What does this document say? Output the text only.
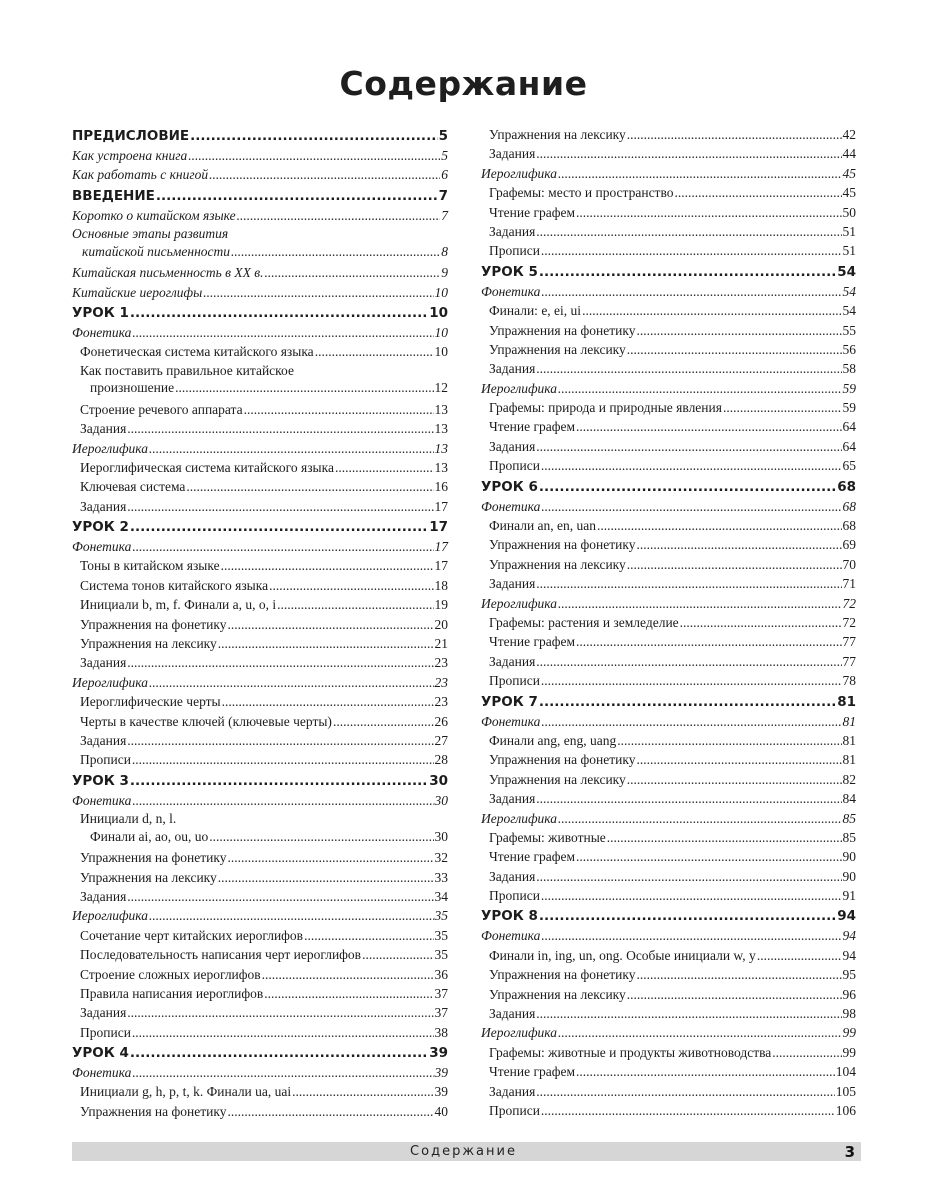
Содержание
ПРЕДИСЛОВИЕ .....	5
Как устроена книга .....	5
Как работать с книгой .....	6
ВВЕДЕНИЕ .....	7
Коротко о китайском языке .....	7
Основные этапы развития
китайской письменности .....	8
Китайская письменность в XX в. .....	9
Китайские иероглифы .....	10
УРОК 1 .....	10
Фонетика .....	10
Фонетическая система китайского языка .....	10
Как поставить правильное китайское
произношение .....	12
Строение речевого аппарата .....	13
Задания .....	13
Иероглифика .....	13
Иероглифическая система китайского языка .....	13
Ключевая система .....	16
Задания .....	17
УРОК 2 .....	17
Фонетика .....	17
Тоны в китайском языке .....	17
Система тонов китайского языка .....	18
Инициали b, m, f. Финали a, u, o, i .....	19
Упражнения на фонетику .....	20
Упражнения на лексику .....	21
Задания .....	23
Иероглифика .....	23
Иероглифические черты .....	23
Черты в качестве ключей (ключевые черты) .....	26
Задания .....	27
Прописи .....	28
УРОК 3 .....	30
Фонетика .....	30
Инициали d, n, l.
Финали ai, ao, ou, uo .....	30
Упражнения на фонетику .....	32
Упражнения на лексику .....	33
Задания .....	34
Иероглифика .....	35
Сочетание черт китайских иероглифов .....	35
Последовательность написания черт иероглифов .....	35
Строение сложных иероглифов .....	36
Правила написания иероглифов .....	37
Задания .....	37
Прописи .....	38
УРОК 4 .....	39
Фонетика .....	39
Инициали g, h, p, t, k. Финали ua, uai .....	39
Упражнения на фонетику .....	40
Упражнения на лексику .....	42
Задания .....	44
Иероглифика .....	45
Графемы: место и пространство .....	45
Чтение графем .....	50
Задания .....	51
Прописи .....	51
УРОК 5 .....	54
Фонетика .....	54
Финали: e, ei, ui .....	54
Упражнения на фонетику .....	55
Упражнения на лексику .....	56
Задания .....	58
Иероглифика .....	59
Графемы: природа и природные явления .....	59
Чтение графем .....	64
Задания .....	64
Прописи .....	65
УРОК 6 .....	68
Фонетика .....	68
Финали an, en, uan .....	68
Упражнения на фонетику .....	69
Упражнения на лексику .....	70
Задания .....	71
Иероглифика .....	72
Графемы: растения и земледелие .....	72
Чтение графем .....	77
Задания .....	77
Прописи .....	78
УРОК 7 .....	81
Фонетика .....	81
Финали ang, eng, uang .....	81
Упражнения на фонетику .....	81
Упражнения на лексику .....	82
Задания .....	84
Иероглифика .....	85
Графемы: животные .....	85
Чтение графем .....	90
Задания .....	90
Прописи .....	91
УРОК 8 .....	94
Фонетика .....	94
Финали in, ing, un, ong. Особые инициали w, y .....	94
Упражнения на фонетику .....	95
Упражнения на лексику .....	96
Задания .....	98
Иероглифика .....	99
Графемы: животные и продукты животноводства .....	99
Чтение графем .....	104
Задания .....	105
Прописи .....	106
Содержание	3
